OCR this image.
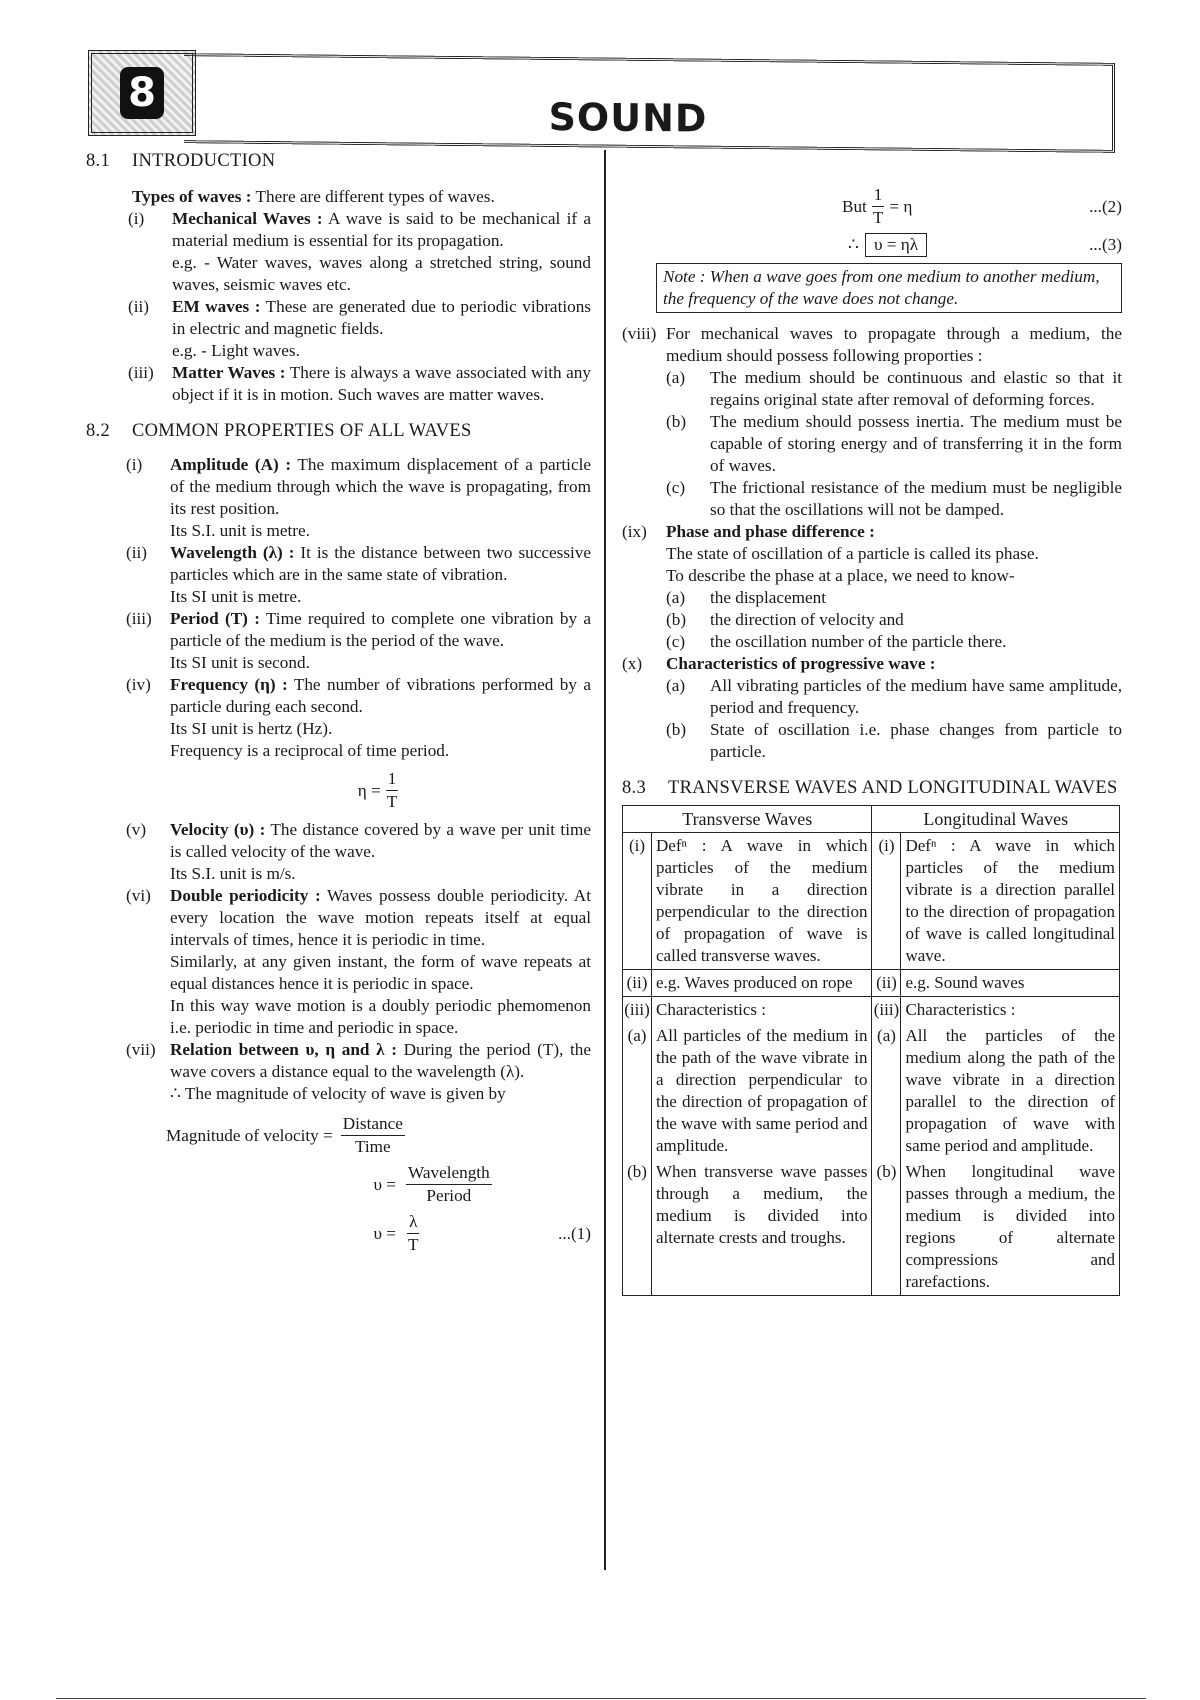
8
SOUND
8.1	INTRODUCTION
Types of waves : There are different types of waves.
(i)	Mechanical Waves : A wave is said to be mechanical if a material medium is essential for its propagation.
e.g. - Water waves, waves along a stretched string, sound waves, seismic waves etc.
(ii)	EM waves : These are generated due to periodic vibrations in electric and magnetic fields.
e.g. - Light waves.
(iii)	Matter Waves : There is always a wave associated with any object if it is in motion. Such waves are matter waves.
8.2	COMMON PROPERTIES OF ALL WAVES
(i)	Amplitude (A) : The maximum displacement of a particle of the medium through which the wave is propagating, from its rest position.
Its S.I. unit is metre.
(ii)	Wavelength (λ) : It is the distance between two successive particles which are in the same state of vibration.
Its SI unit is metre.
(iii)	Period (T) : Time required to complete one vibration by a particle of the medium is the period of the wave.
Its SI unit is second.
(iv)	Frequency (η) : The number of vibrations performed by a particle during each second.
Its SI unit is hertz (Hz).
Frequency is a reciprocal of time period.
$\eta = \frac{1}{T}$
(v)	Velocity (υ) : The distance covered by a wave per unit time is called velocity of the wave.
Its S.I. unit is m/s.
(vi)	Double periodicity : Waves possess double periodicity. At every location the wave motion repeats itself at equal intervals of times, hence it is periodic in time.
Similarly, at any given instant, the form of wave repeats at equal distances hence it is periodic in space.
In this way wave motion is a doubly periodic phemomenon i.e. periodic in time and periodic in space.
(vii) Relation between υ, η and λ : During the period (T), the wave covers a distance equal to the wavelength (λ).
∴ The magnitude of velocity of wave is given by
Magnitude of velocity = $\frac{\text{Distance}}{\text{Time}}$
$\upsilon = \frac{\text{Wavelength}}{\text{Period}}$
$\upsilon = \frac{\lambda}{T}$	...(1)
But $\frac{1}{T} = \eta$	...(2)
∴ υ = ηλ	...(3)
Note : When a wave goes from one medium to another medium, the frequency of the wave does not change.
(viii) For mechanical waves to propagate through a medium, the medium should possess following proporties :
(a)	The medium should be continuous and elastic so that it regains original state after removal of deforming forces.
(b)	The medium should possess inertia. The medium must be capable of storing energy and of transferring it in the form of waves.
(c)	The frictional resistance of the medium must be negligible so that the oscillations will not be damped.
(ix)	Phase and phase difference :
The state of oscillation of a particle is called its phase.
To describe the phase at a place, we need to know-
(a)	the displacement
(b)	the direction of velocity and
(c)	the oscillation number of the particle there.
(x)	Characteristics of progressive wave :
(a)	All vibrating particles of the medium have same amplitude, period and frequency.
(b)	State of oscillation i.e. phase changes from particle to particle.
8.3	TRANSVERSE WAVES AND LONGITUDINAL WAVES
Transverse Waves		Longitudinal Waves	
(i)	Defⁿ : A wave in which particles of the medium vibrate in a direction perpendicular to the direction of propagation of wave is called transverse waves.	(i)	Defⁿ : A wave in which particles of the medium vibrate is a direction parallel to the direction of propagation of wave is called longitudinal wave.
(ii)	e.g. Waves produced on rope	(ii)	e.g. Sound waves
(iii)	Characteristics :	(iii)	Characteristics :
(a)	All particles of the medium in the path of the wave vibrate in a direction perpendicular to the direction of propagation of the wave with same period and amplitude.	(a)	All the particles of the medium along the path of the wave vibrate in a direction parallel to the direction of propagation of wave with same period and amplitude.
(b)	When transverse wave passes through a medium, the medium is divided into alternate crests and troughs.	(b)	When longitudinal wave passes through a medium, the medium is divided into regions of alternate compressions and rarefactions.
